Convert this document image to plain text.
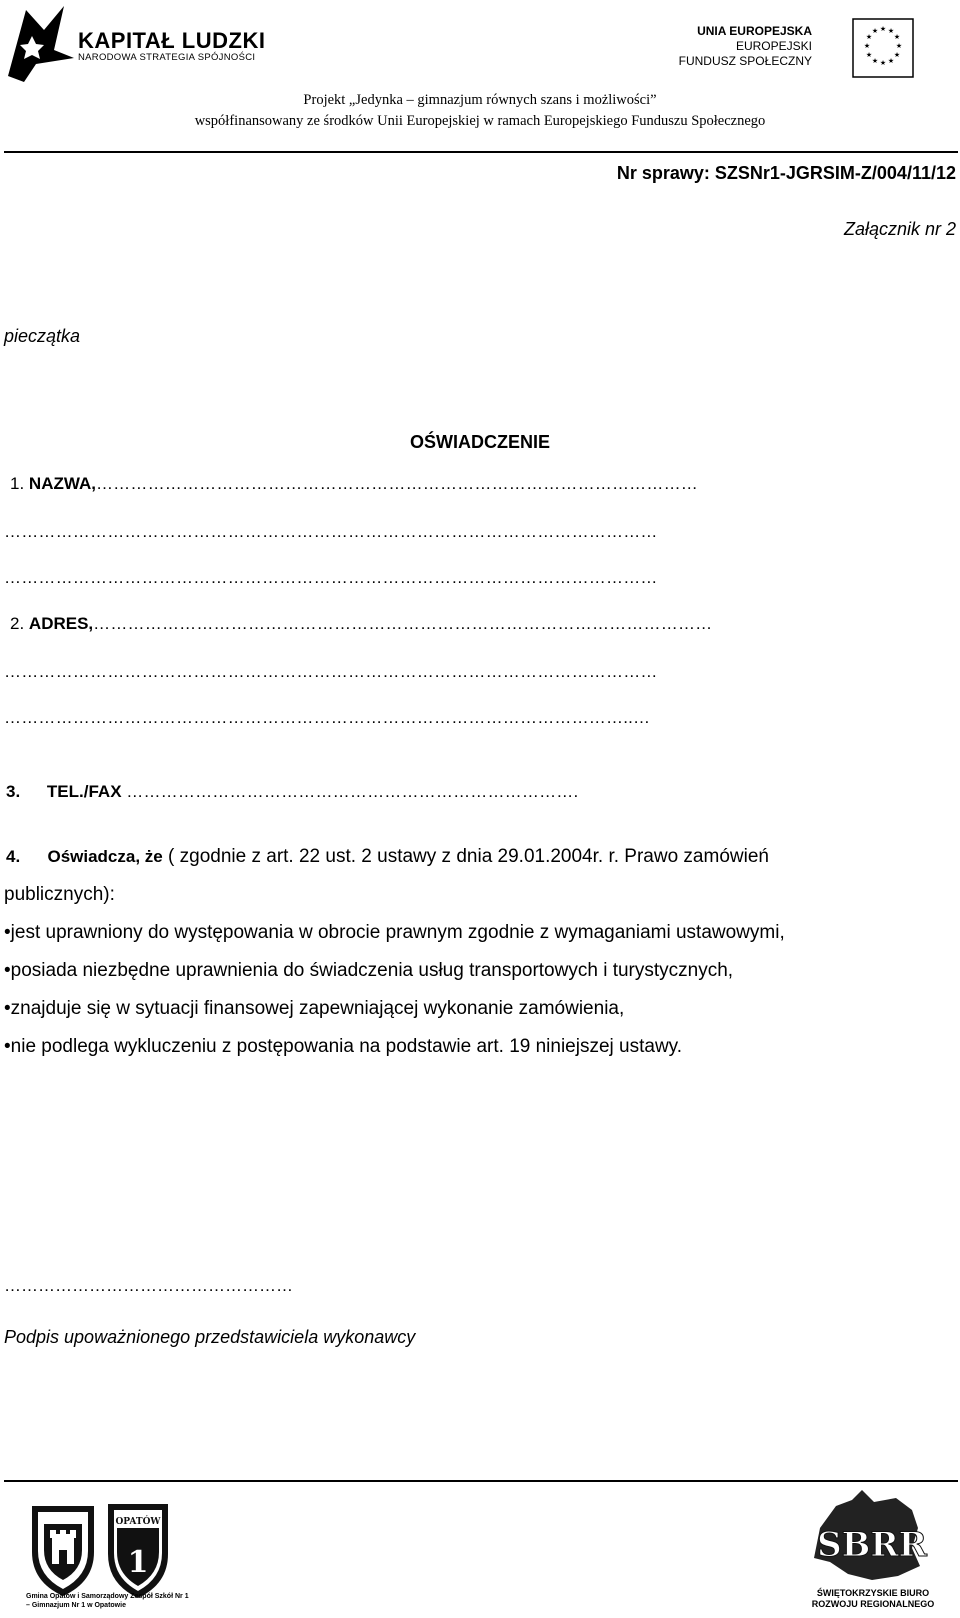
KAPITAŁ LUDZKI
NARODOWA STRATEGIA SPÓJNOŚCI
UNIA EUROPEJSKA
EUROPEJSKI
FUNDUSZ SPOŁECZNY
★ ★
★
★
★
★
★
★
★
★
★
★
Projekt „Jedynka – gimnazjum równych szans i możliwości”
współfinansowany ze środków Unii Europejskiej w ramach Europejskiego Funduszu Społecznego
Nr sprawy: SZSNr1-JGRSIM-Z/004/11/12
Załącznik nr 2
pieczątka
OŚWIADCZENIE
1. NAZWA,……………………………………………………………………………………………
……………………………………………………………………………………………………
……………………………………………………………………………………………………
2. ADRES,………………………………………………………………………………………………
……………………………………………………………………………………………………
………………………………………………………………………………………………..…
3. TEL./FAX …………………………………………………………………….
4. Oświadcza, że ( zgodnie z art. 22 ust. 2 ustawy z dnia 29.01.2004r. r. Prawo zamówień
publicznych):
•jest uprawniony do występowania w obrocie prawnym zgodnie z wymaganiami ustawowymi,
•posiada niezbędne uprawnienia do świadczenia usług transportowych i turystycznych,
•znajduje się w sytuacji finansowej zapewniającej wykonanie zamówienia,
•nie podlega wykluczeniu z postępowania na podstawie art. 19 niniejszej ustawy.
……………………………………………
Podpis upoważnionego przedstawiciela wykonawcy
OPATÓW
1
Gmina Opatów i Samorządowy Zespół Szkół Nr 1
– Gimnazjum Nr 1 w Opatowie
SBRR
ŚWIĘTOKRZYSKIE BIURO
ROZWOJU REGIONALNEGO
